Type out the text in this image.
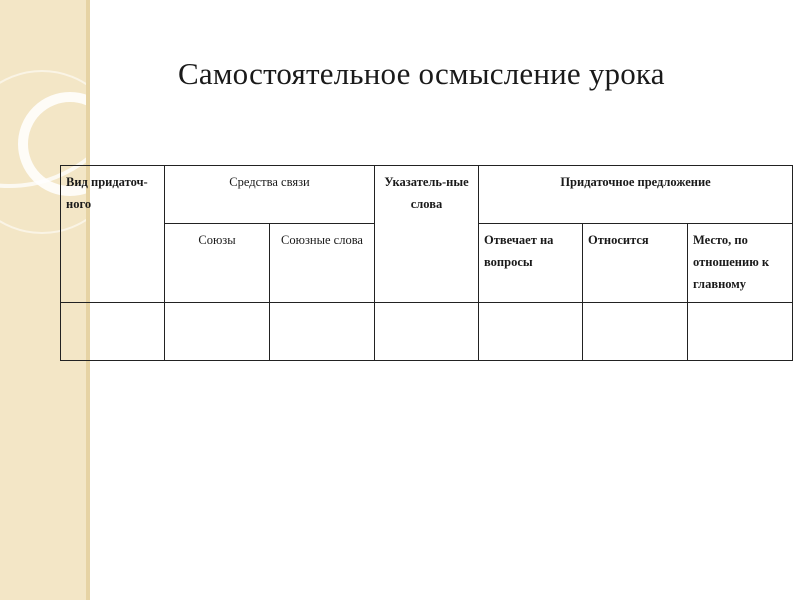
Самостоятельное осмысление урока
Вид придаточ-ного	Средства связи		Указатель-ные слова	Придаточное предложение		
	Союзы	Союзные слова		Отвечает на вопросы	Относится	Место, по отношению к главному
